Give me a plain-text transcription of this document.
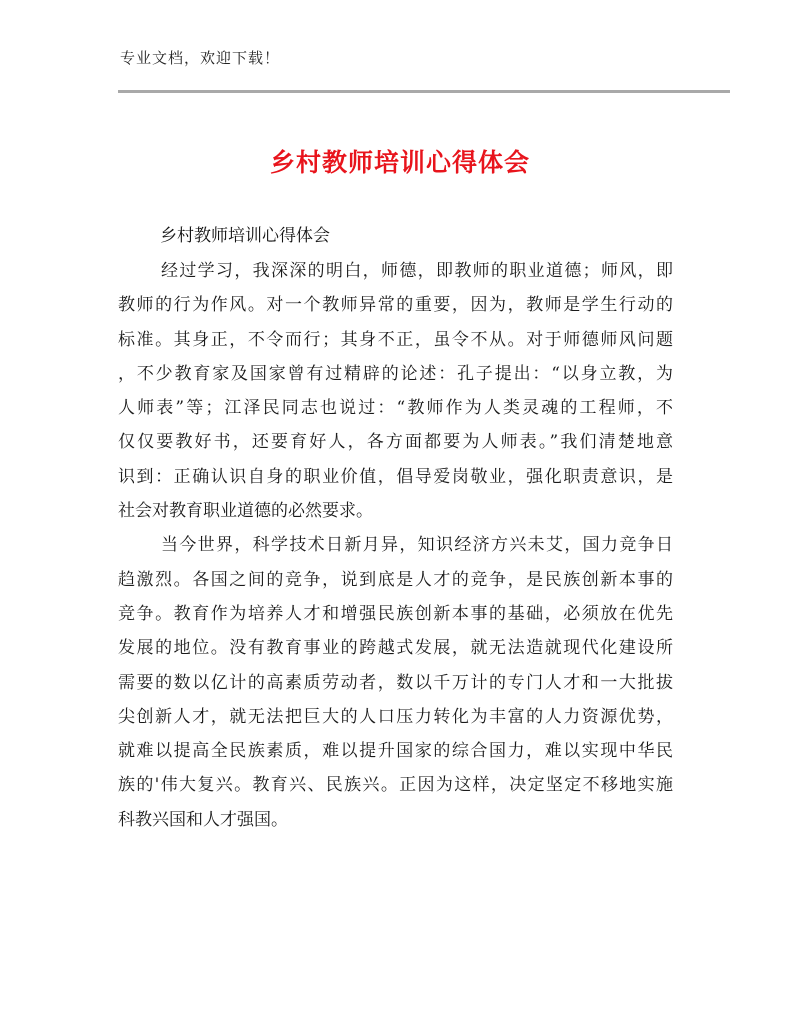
专业文档，欢迎下载！
乡村教师培训心得体会
乡村教师培训心得体会

经过学习，我深深的明白，师德，即教师的职业道德；师风，即
教师的行为作风。对一个教师异常的重要，因为，教师是学生行动的
标准。其身正，不令而行；其身不正，虽令不从。对于师德师风问题
，不少教育家及国家曾有过精辟的论述：孔子提出：“以身立教，为
人师表”等；江泽民同志也说过：“教师作为人类灵魂的工程师，不
仅仅要教好书，还要育好人，各方面都要为人师表。”我们清楚地意
识到：正确认识自身的职业价值，倡导爱岗敬业，强化职责意识，是
社会对教育职业道德的必然要求。

当今世界，科学技术日新月异，知识经济方兴未艾，国力竞争日
趋激烈。各国之间的竞争，说到底是人才的竞争，是民族创新本事的
竞争。教育作为培养人才和增强民族创新本事的基础，必须放在优先
发展的地位。没有教育事业的跨越式发展，就无法造就现代化建设所
需要的数以亿计的高素质劳动者，数以千万计的专门人才和一大批拔
尖创新人才，就无法把巨大的人口压力转化为丰富的人力资源优势，
就难以提高全民族素质，难以提升国家的综合国力，难以实现中华民
族的'伟大复兴。教育兴、民族兴。正因为这样，决定坚定不移地实施
科教兴国和人才强国。
